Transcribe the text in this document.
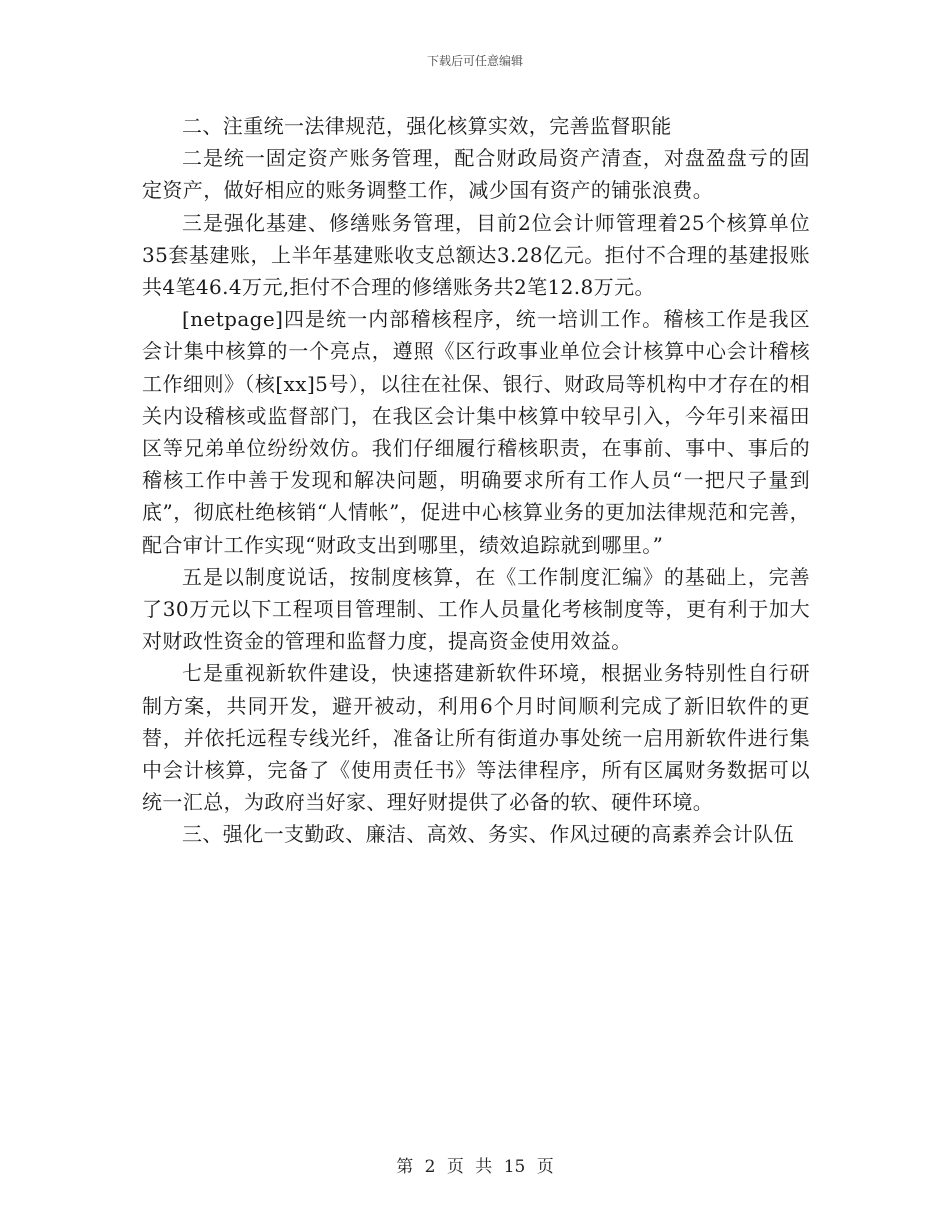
下载后可任意编辑

二、注重统一法律规范，强化核算实效，完善监督职能

二是统一固定资产账务管理，配合财政局资产清查，对盘盈盘亏的固定资产，做好相应的账务调整工作，减少国有资产的铺张浪费。

三是强化基建、修缮账务管理，目前2位会计师管理着25个核算单位35套基建账，上半年基建账收支总额达3.28亿元。拒付不合理的基建报账共4笔46.4万元,拒付不合理的修缮账务共2笔12.8万元。

[netpage]四是统一内部稽核程序，统一培训工作。稽核工作是我区会计集中核算的一个亮点，遵照《区行政事业单位会计核算中心会计稽核工作细则》（核[xx]5号），以往在社保、银行、财政局等机构中才存在的相关内设稽核或监督部门，在我区会计集中核算中较早引入，今年引来福田区等兄弟单位纷纷效仿。我们仔细履行稽核职责，在事前、事中、事后的稽核工作中善于发现和解决问题，明确要求所有工作人员“一把尺子量到底”，彻底杜绝核销“人情帐”，促进中心核算业务的更加法律规范和完善，配合审计工作实现“财政支出到哪里，绩效追踪就到哪里。”

五是以制度说话，按制度核算，在《工作制度汇编》的基础上，完善了30万元以下工程项目管理制、工作人员量化考核制度等，更有利于加大对财政性资金的管理和监督力度，提高资金使用效益。

七是重视新软件建设，快速搭建新软件环境，根据业务特别性自行研制方案，共同开发，避开被动，利用6个月时间顺利完成了新旧软件的更替，并依托远程专线光纤，准备让所有街道办事处统一启用新软件进行集中会计核算，完备了《使用责任书》等法律程序，所有区属财务数据可以统一汇总，为政府当好家、理好财提供了必备的软、硬件环境。

三、强化一支勤政、廉洁、高效、务实、作风过硬的高素养会计队伍

第 2 页 共 15 页
